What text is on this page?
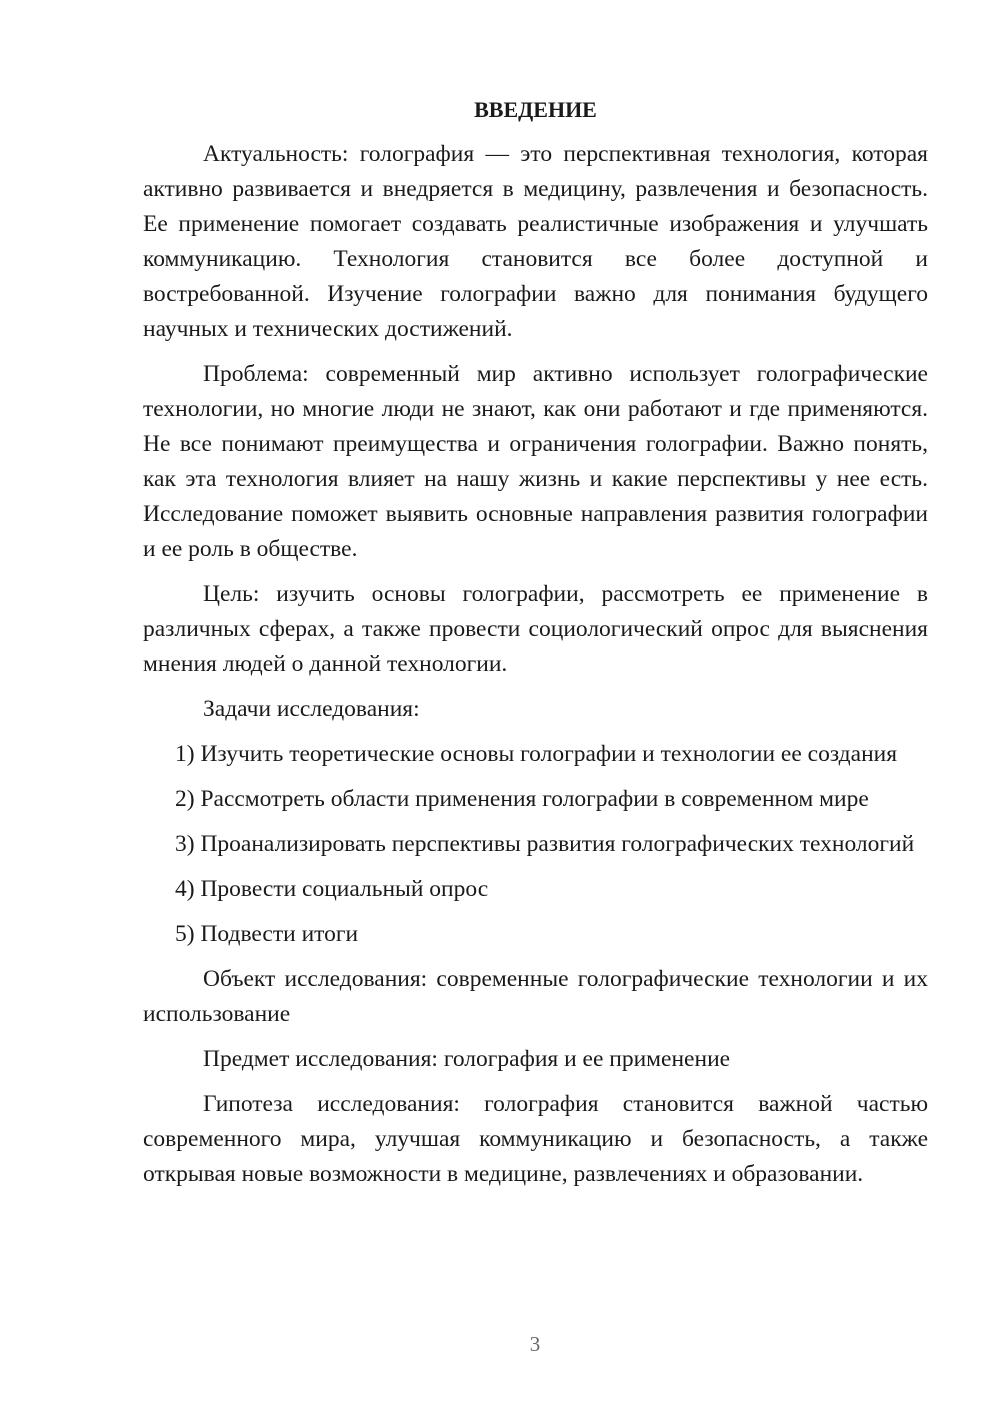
ВВЕДЕНИЕ

Актуальность: голография — это перспективная технология, которая активно развивается и внедряется в медицину, развлечения и безопасность. Ее применение помогает создавать реалистичные изображения и улучшать коммуникацию. Технология становится все более доступной и востребованной. Изучение голографии важно для понимания будущего научных и технических достижений.

Проблема: современный мир активно использует голографические технологии, но многие люди не знают, как они работают и где применяются. Не все понимают преимущества и ограничения голографии. Важно понять, как эта технология влияет на нашу жизнь и какие перспективы у нее есть. Исследование поможет выявить основные направления развития голографии и ее роль в обществе.

Цель: изучить основы голографии, рассмотреть ее применение в различных сферах, а также провести социологический опрос для выяснения мнения людей о данной технологии.

Задачи исследования:

1) Изучить теоретические основы голографии и технологии ее создания

2) Рассмотреть области применения голографии в современном мире

3) Проанализировать перспективы развития голографических технологий

4) Провести социальный опрос

5) Подвести итоги

Объект исследования: современные голографические технологии и их использование

Предмет исследования: голография и ее применение

Гипотеза исследования: голография становится важной частью современного мира, улучшая коммуникацию и безопасность, а также открывая новые возможности в медицине, развлечениях и образовании.

3
